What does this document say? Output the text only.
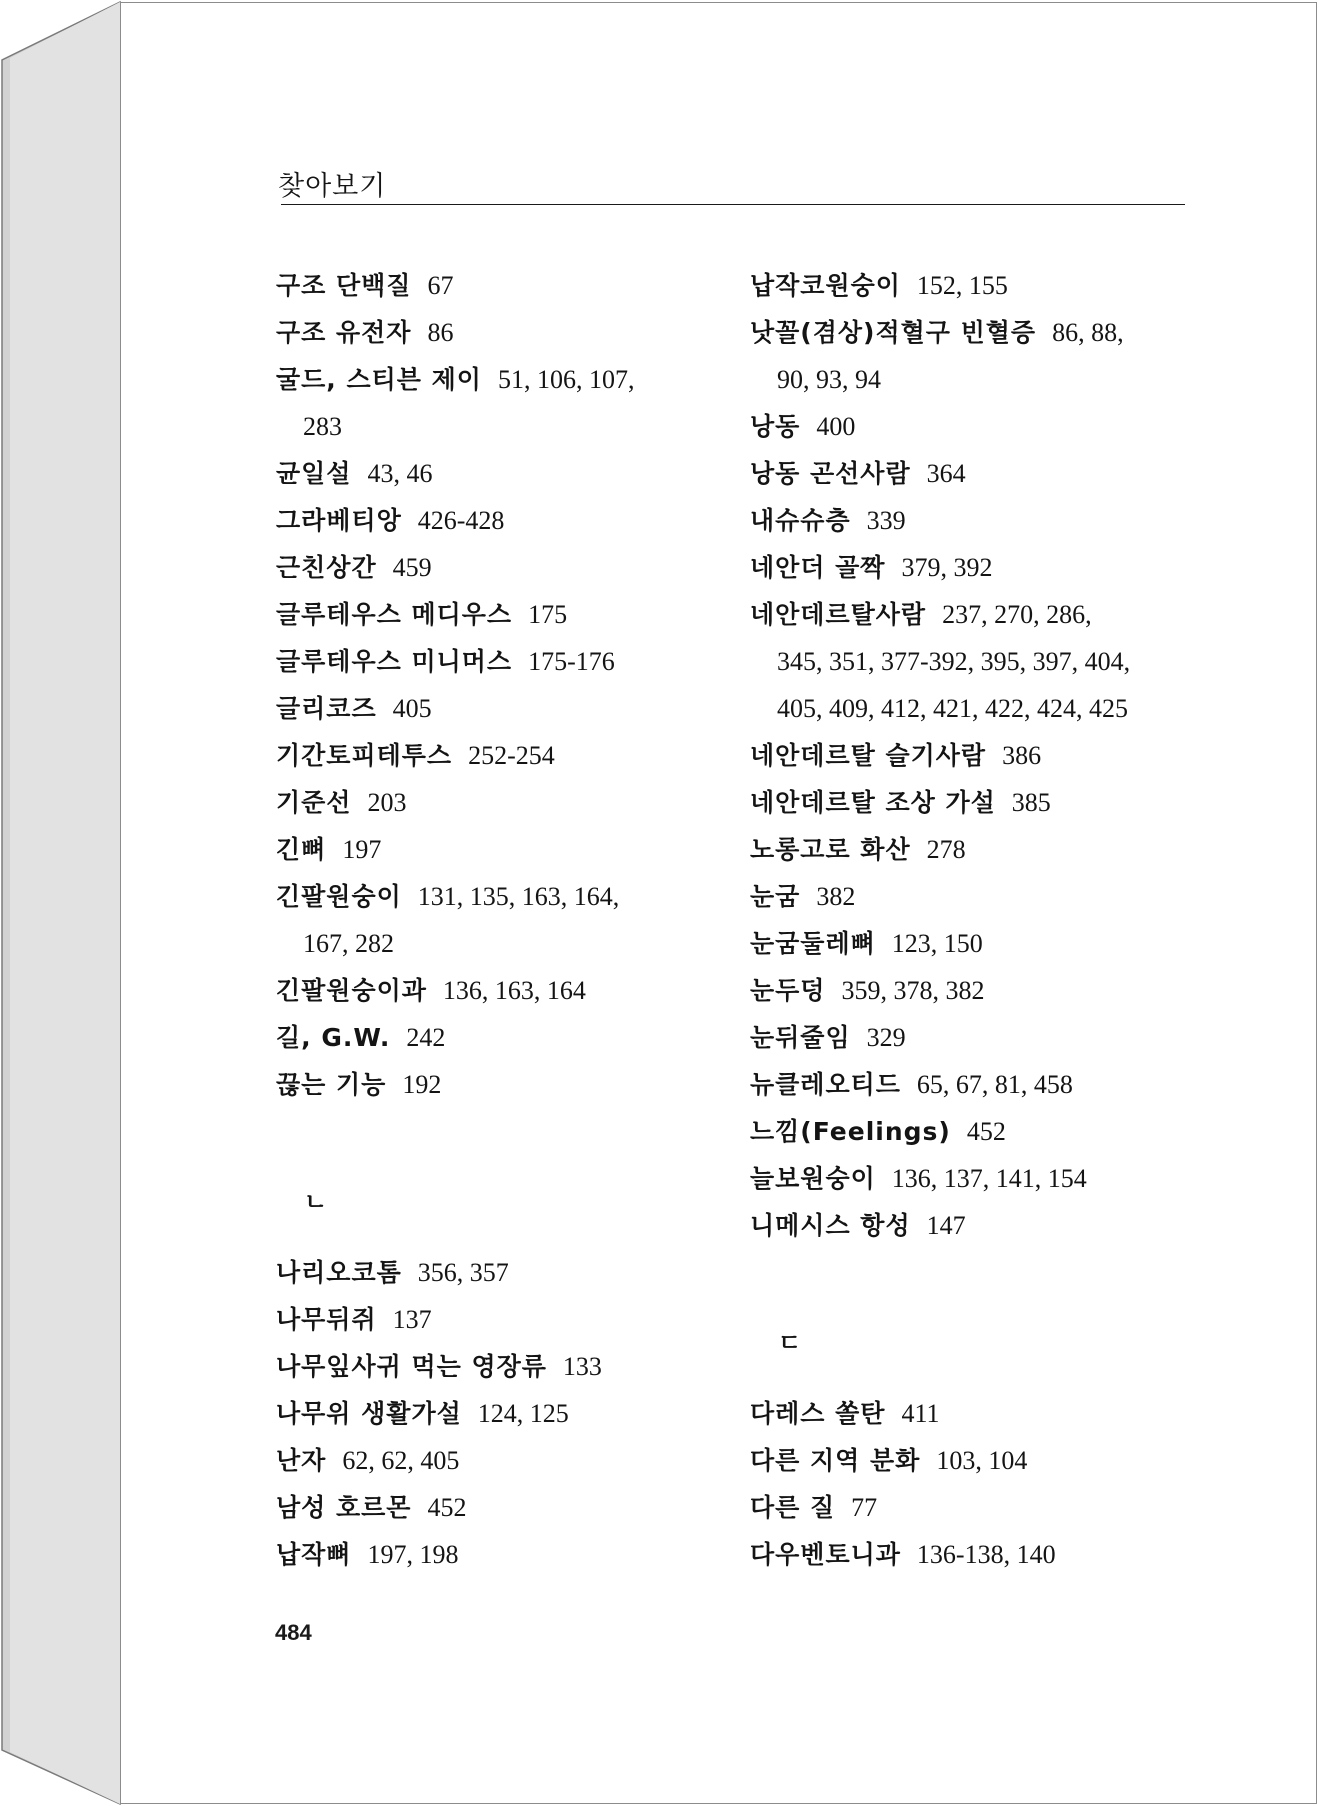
찾아보기
구조 단백질 67
구조 유전자 86
굴드, 스티븐 제이 51, 106, 107,
283
균일설 43, 46
그라베티앙 426-428
근친상간 459
글루테우스 메디우스 175
글루테우스 미니머스 175-176
글리코즈 405
기간토피테투스 252-254
기준선 203
긴뼈 197
긴팔원숭이 131, 135, 163, 164,
167, 282
긴팔원숭이과 136, 163, 164
길, G.W. 242
끊는 기능 192
ㄴ
나리오코톰 356, 357
나무뒤쥐 137
나무잎사귀 먹는 영장류 133
나무위 생활가설 124, 125
난자 62, 62, 405
남성 호르몬 452
납작뼈 197, 198
납작코원숭이 152, 155
낫꼴(겸상)적혈구 빈혈증 86, 88,
90, 93, 94
낭동 400
낭동 곤선사람 364
내슈슈층 339
네안더 골짝 379, 392
네안데르탈사람 237, 270, 286,
345, 351, 377-392, 395, 397, 404,
405, 409, 412, 421, 422, 424, 425
네안데르탈 슬기사람 386
네안데르탈 조상 가설 385
노롱고로 화산 278
눈굼 382
눈굼둘레뼈 123, 150
눈두덩 359, 378, 382
눈뒤줄임 329
뉴클레오티드 65, 67, 81, 458
느낌(Feelings) 452
늘보원숭이 136, 137, 141, 154
니메시스 항성 147
ㄷ
다레스 쏠탄 411
다른 지역 분화 103, 104
다른 질 77
다우벤토니과 136-138, 140
484
